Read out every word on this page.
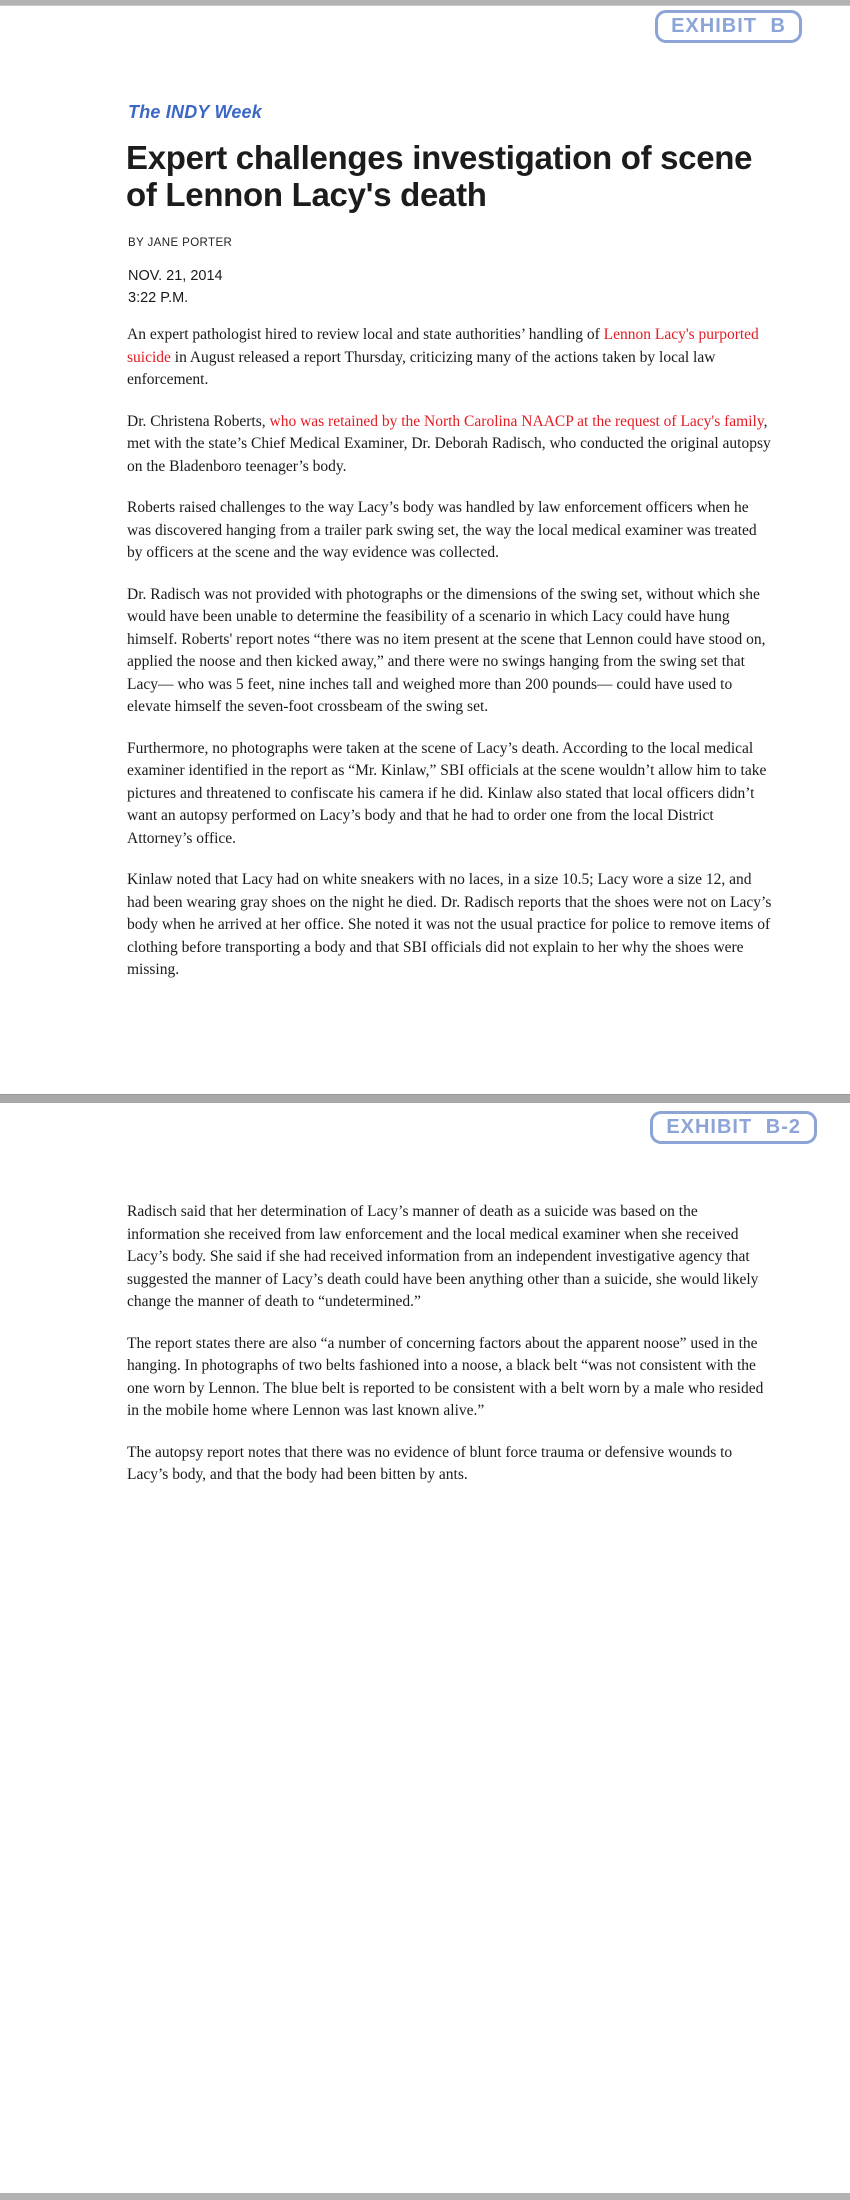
EXHIBIT B
The INDY Week
Expert challenges investigation of scene of Lennon Lacy's death
BY JANE PORTER
NOV. 21, 2014
3:22 P.M.

An expert pathologist hired to review local and state authorities’ handling of Lennon Lacy's purported suicide in August released a report Thursday, criticizing many of the actions taken by local law enforcement.

Dr. Christena Roberts, who was retained by the North Carolina NAACP at the request of Lacy's family, met with the state’s Chief Medical Examiner, Dr. Deborah Radisch, who conducted the original autopsy on the Bladenboro teenager’s body.

Roberts raised challenges to the way Lacy’s body was handled by law enforcement officers when he was discovered hanging from a trailer park swing set, the way the local medical examiner was treated by officers at the scene and the way evidence was collected.

Dr. Radisch was not provided with photographs or the dimensions of the swing set, without which she would have been unable to determine the feasibility of a scenario in which Lacy could have hung himself. Roberts' report notes “there was no item present at the scene that Lennon could have stood on, applied the noose and then kicked away,” and there were no swings hanging from the swing set that Lacy— who was 5 feet, nine inches tall and weighed more than 200 pounds— could have used to elevate himself the seven-foot crossbeam of the swing set.

Furthermore, no photographs were taken at the scene of Lacy’s death. According to the local medical examiner identified in the report as “Mr. Kinlaw,” SBI officials at the scene wouldn’t allow him to take pictures and threatened to confiscate his camera if he did. Kinlaw also stated that local officers didn’t want an autopsy performed on Lacy’s body and that he had to order one from the local District Attorney’s office.

Kinlaw noted that Lacy had on white sneakers with no laces, in a size 10.5; Lacy wore a size 12, and had been wearing gray shoes on the night he died. Dr. Radisch reports that the shoes were not on Lacy’s body when he arrived at her office. She noted it was not the usual practice for police to remove items of clothing before transporting a body and that SBI officials did not explain to her why the shoes were missing.

EXHIBIT B-2

Radisch said that her determination of Lacy’s manner of death as a suicide was based on the information she received from law enforcement and the local medical examiner when she received Lacy’s body. She said if she had received information from an independent investigative agency that suggested the manner of Lacy’s death could have been anything other than a suicide, she would likely change the manner of death to “undetermined.”

The report states there are also “a number of concerning factors about the apparent noose” used in the hanging. In photographs of two belts fashioned into a noose, a black belt “was not consistent with the one worn by Lennon. The blue belt is reported to be consistent with a belt worn by a male who resided in the mobile home where Lennon was last known alive.”

The autopsy report notes that there was no evidence of blunt force trauma or defensive wounds to Lacy’s body, and that the body had been bitten by ants.
